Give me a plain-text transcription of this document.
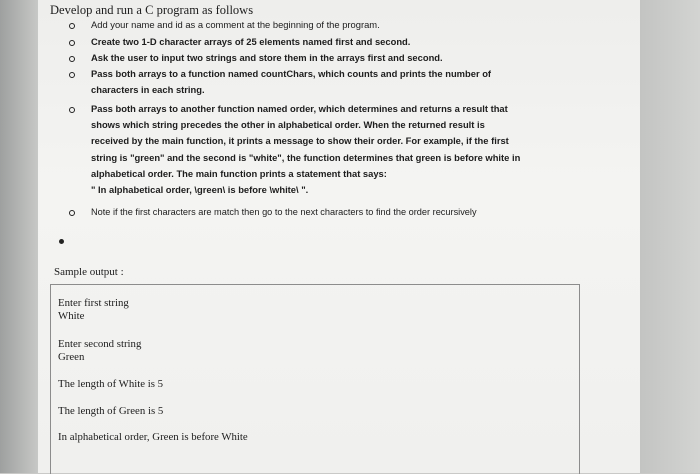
Develop and run a C program as follows
Add your name and id as a comment at the beginning of the program.
Create two 1-D character arrays of 25 elements named first and second.
Ask the user to input two strings and store them in the arrays first and second.
Pass both arrays to a function named countChars, which counts and prints the number of
characters in each string.
Pass both arrays to another function named order, which determines and returns a result that
shows which string precedes the other in alphabetical order. When the returned result is
received by the main function, it prints a message to show their order. For example, if the first
string is "green" and the second is "white", the function determines that green is before white in
alphabetical order. The main function prints a statement that says:
" In alphabetical order, \green\ is before \white\ ".
Note if the first characters are match then go to the next characters to find the order recursively
Sample output :
Enter first string
White
Enter second string
Green
The length of White is 5
The length of Green is 5
In alphabetical order, Green is before White
